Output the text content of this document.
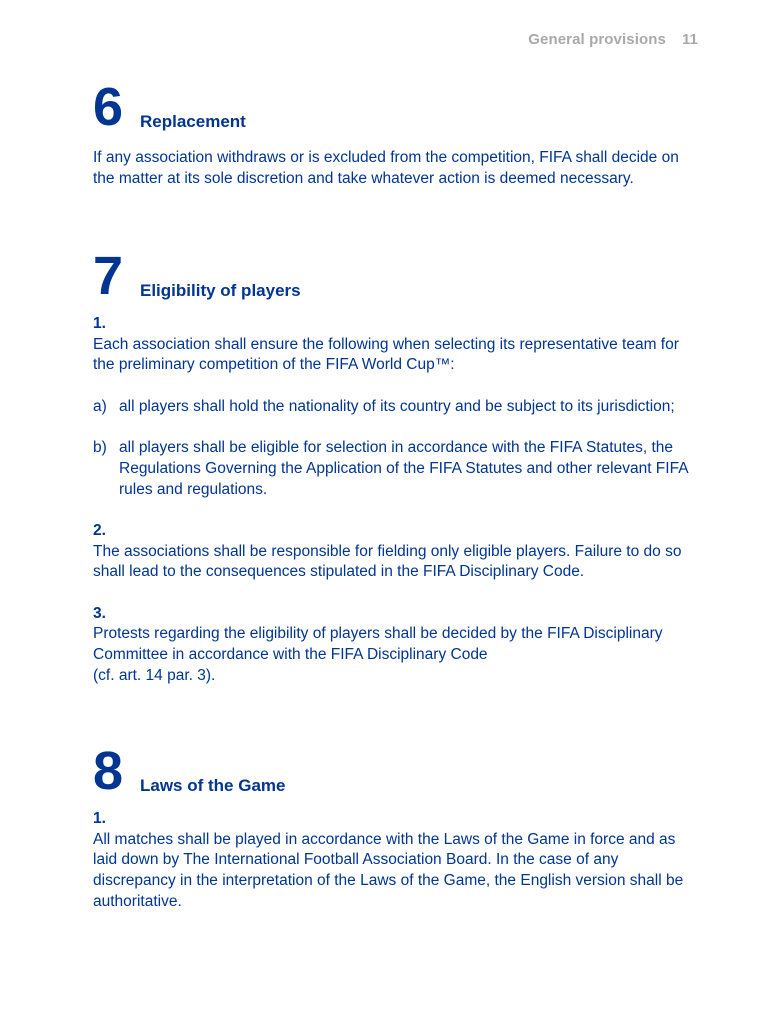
General provisions 11
6 Replacement

If any association withdraws or is excluded from the competition, FIFA shall decide on the matter at its sole discretion and take whatever action is deemed necessary.

7 Eligibility of players

1.

Each association shall ensure the following when selecting its representative team for the preliminary competition of the FIFA World Cup™:

a) all players shall hold the nationality of its country and be subject to its jurisdiction;

b) all players shall be eligible for selection in accordance with the FIFA Statutes, the Regulations Governing the Application of the FIFA Statutes and other relevant FIFA rules and regulations.

2.

The associations shall be responsible for fielding only eligible players. Failure to do so shall lead to the consequences stipulated in the FIFA Disciplinary Code.

3.

Protests regarding the eligibility of players shall be decided by the FIFA Disciplinary Committee in accordance with the FIFA Disciplinary Code

(cf. art. 14 par. 3).

8 Laws of the Game

1.

All matches shall be played in accordance with the Laws of the Game in force and as laid down by The International Football Association Board. In the case of any discrepancy in the interpretation of the Laws of the Game, the English version shall be authoritative.
